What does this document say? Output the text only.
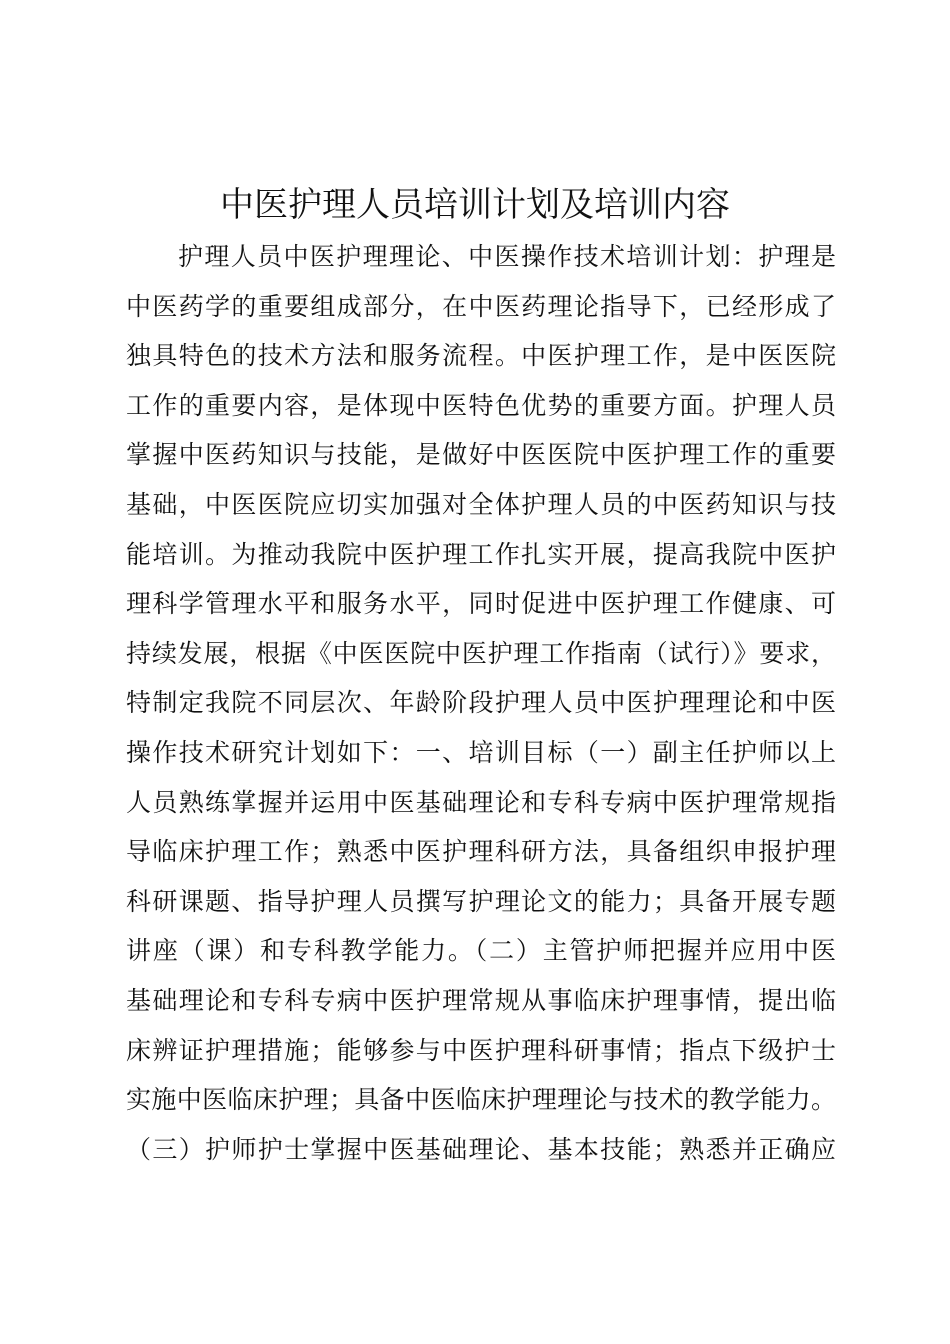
中医护理人员培训计划及培训内容
护理人员中医护理理论、中医操作技术培训计划：护理是
中医药学的重要组成部分，在中医药理论指导下，已经形成了
独具特色的技术方法和服务流程。中医护理工作，是中医医院
工作的重要内容，是体现中医特色优势的重要方面。护理人员
掌握中医药知识与技能，是做好中医医院中医护理工作的重要
基础，中医医院应切实加强对全体护理人员的中医药知识与技
能培训。为推动我院中医护理工作扎实开展，提高我院中医护
理科学管理水平和服务水平，同时促进中医护理工作健康、可
持续发展，根据《中医医院中医护理工作指南（试行）》要求，
特制定我院不同层次、年龄阶段护理人员中医护理理论和中医
操作技术研究计划如下：一、培训目标（一）副主任护师以上
人员熟练掌握并运用中医基础理论和专科专病中医护理常规指
导临床护理工作；熟悉中医护理科研方法，具备组织申报护理
科研课题、指导护理人员撰写护理论文的能力；具备开展专题
讲座（课）和专科教学能力。（二）主管护师把握并应用中医
基础理论和专科专病中医护理常规从事临床护理事情，提出临
床辨证护理措施；能够参与中医护理科研事情；指点下级护士
实施中医临床护理；具备中医临床护理理论与技术的教学能力。
（三）护师护士掌握中医基础理论、基本技能；熟悉并正确应
